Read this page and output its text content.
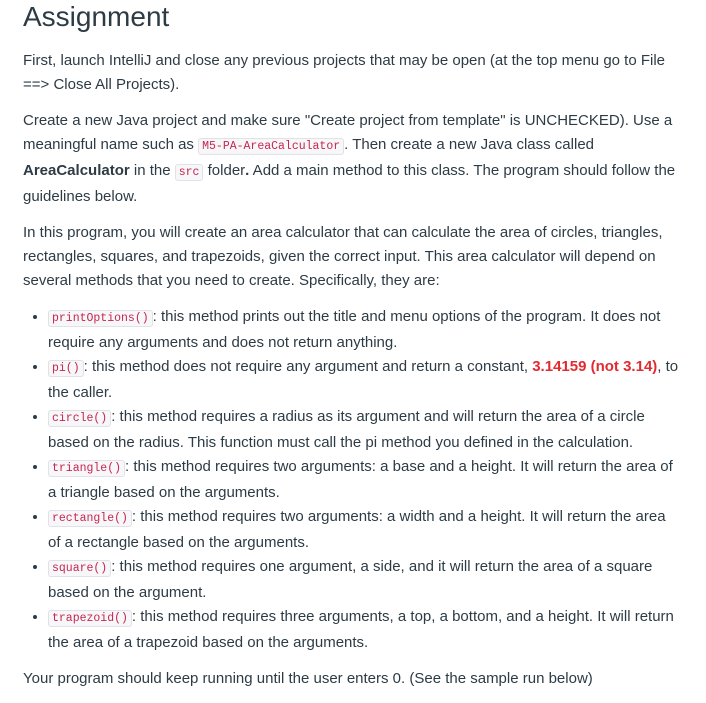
Assignment

First, launch IntelliJ and close any previous projects that may be open (at the top menu go to File ==> Close All Projects).

Create a new Java project and make sure "Create project from template" is UNCHECKED). Use a meaningful name such as M5-PA-AreaCalculator . Then create a new Java class called AreaCalculator in the src folder. Add a main method to this class. The program should follow the guidelines below.

In this program, you will create an area calculator that can calculate the area of circles, triangles, rectangles, squares, and trapezoids, given the correct input. This area calculator will depend on several methods that you need to create. Specifically, they are:

• printOptions() : this method prints out the title and menu options of the program. It does not require any arguments and does not return anything.
• pi() : this method does not require any argument and return a constant, 3.14159 (not 3.14), to the caller.
• circle() : this method requires a radius as its argument and will return the area of a circle based on the radius. This function must call the pi method you defined in the calculation.
• triangle() : this method requires two arguments: a base and a height. It will return the area of a triangle based on the arguments.
• rectangle() : this method requires two arguments: a width and a height. It will return the area of a rectangle based on the arguments.
• square() : this method requires one argument, a side, and it will return the area of a square based on the argument.
• trapezoid() : this method requires three arguments, a top, a bottom, and a height. It will return the area of a trapezoid based on the arguments.

Your program should keep running until the user enters 0. (See the sample run below)
